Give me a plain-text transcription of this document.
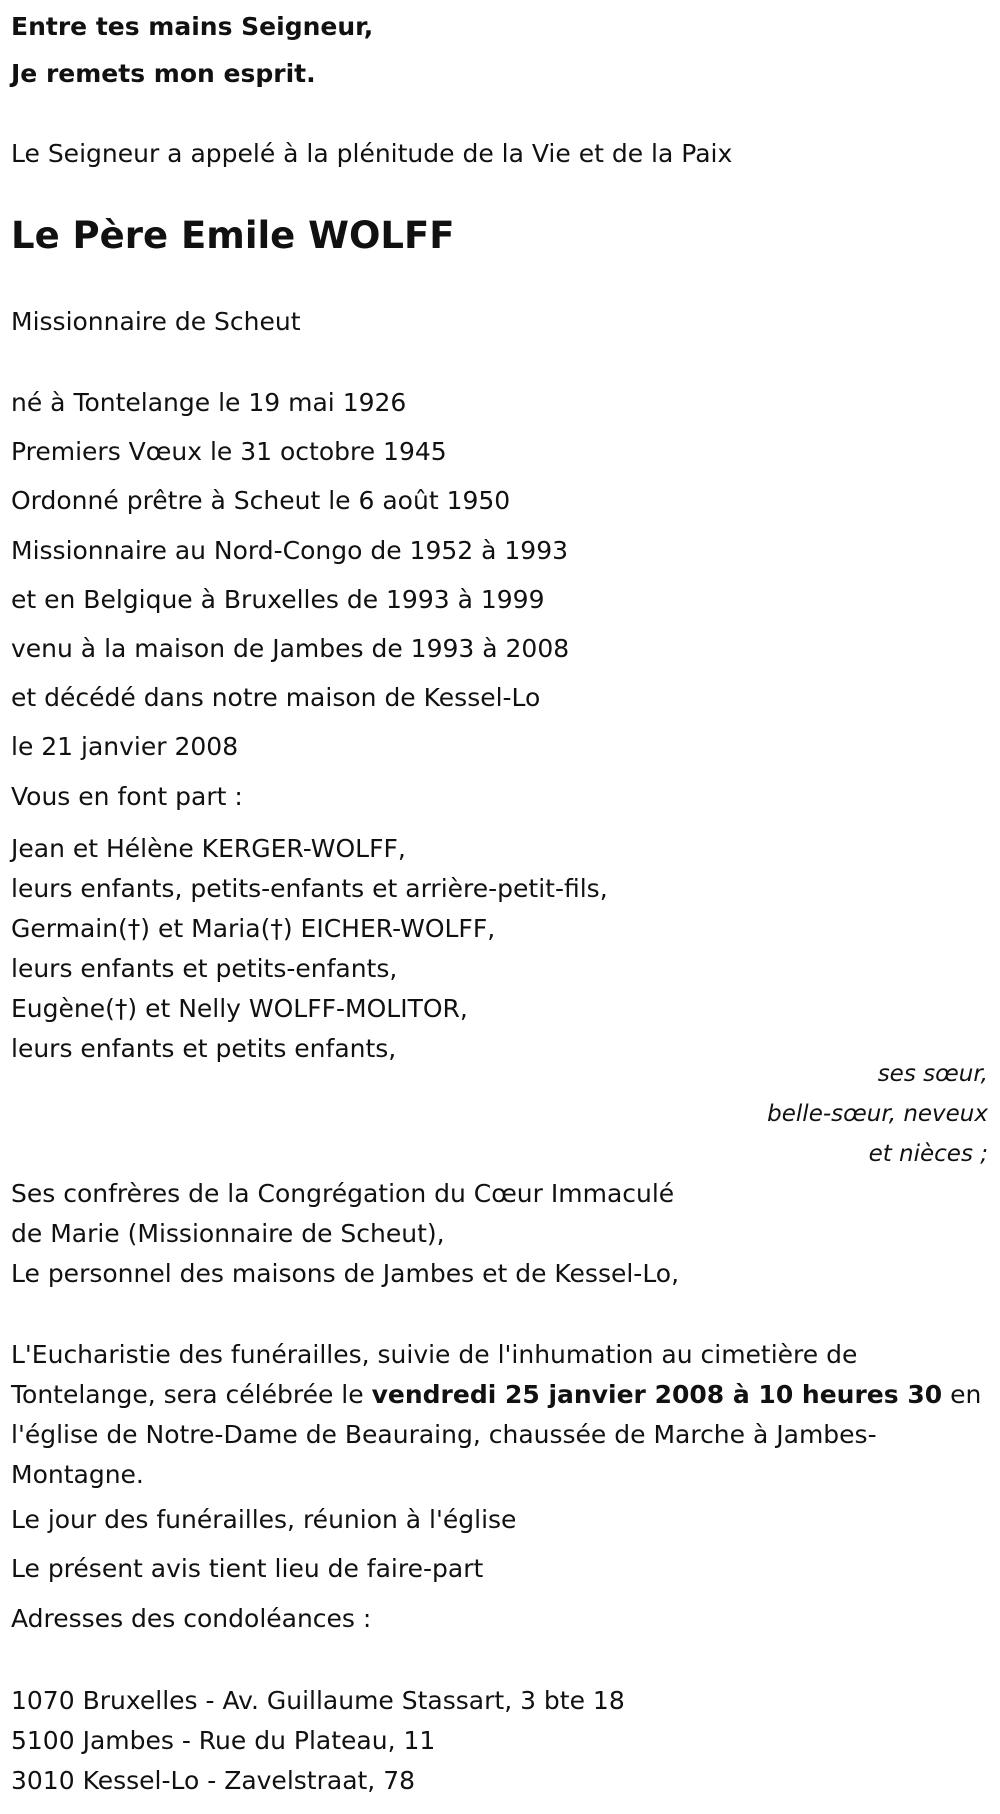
Entre tes mains Seigneur,
Je remets mon esprit.
Le Seigneur a appelé à la plénitude de la Vie et de la Paix
Le Père Emile WOLFF
Missionnaire de Scheut
né à Tontelange le 19 mai 1926
Premiers Vœux le 31 octobre 1945
Ordonné prêtre à Scheut le 6 août 1950
Missionnaire au Nord-Congo de 1952 à 1993
et en Belgique à Bruxelles de 1993 à 1999
venu à la maison de Jambes de 1993 à 2008
et décédé dans notre maison de Kessel-Lo
le 21 janvier 2008
Vous en font part :
Jean et Hélène KERGER-WOLFF,
leurs enfants, petits-enfants et arrière-petit-fils,
Germain(†) et Maria(†) EICHER-WOLFF,
leurs enfants et petits-enfants,
Eugène(†) et Nelly WOLFF-MOLITOR,
leurs enfants et petits enfants,
ses sœur,
belle-sœur, neveux
et nièces ;
Ses confrères de la Congrégation du Cœur Immaculé
de Marie (Missionnaire de Scheut),
Le personnel des maisons de Jambes et de Kessel-Lo,
L'Eucharistie des funérailles, suivie de l'inhumation au cimetière de Tontelange, sera célébrée le vendredi 25 janvier 2008 à 10 heures 30 en l'église de Notre-Dame de Beauraing, chaussée de Marche à Jambes-Montagne.
Le jour des funérailles, réunion à l'église
Le présent avis tient lieu de faire-part
Adresses des condoléances :
1070 Bruxelles - Av. Guillaume Stassart, 3 bte 18
5100 Jambes - Rue du Plateau, 11
3010 Kessel-Lo - Zavelstraat, 78
